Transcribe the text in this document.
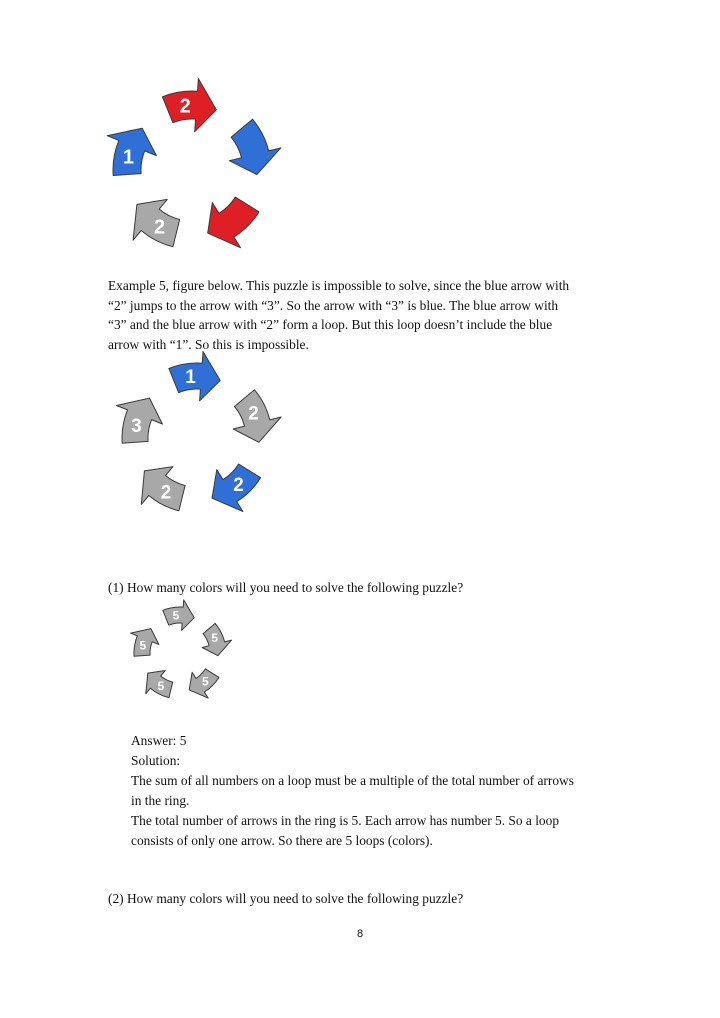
2
2
1

Example 5, figure below. This puzzle is impossible to solve, since the blue arrow with
“2” jumps to the arrow with “3”. So the arrow with “3” is blue. The blue arrow with
“3” and the blue arrow with “2” form a loop. But this loop doesn’t include the blue
arrow with “1”. So this is impossible.

1
2
2
2
3

(1) How many colors will you need to solve the following puzzle?

5
5
5
5
5
Answer: 5
Solution:
The sum of all numbers on a loop must be a multiple of the total number of arrows
in the ring.
The total number of arrows in the ring is 5. Each arrow has number 5. So a loop
consists of only one arrow. So there are 5 loops (colors).

(2) How many colors will you need to solve the following puzzle?

8
